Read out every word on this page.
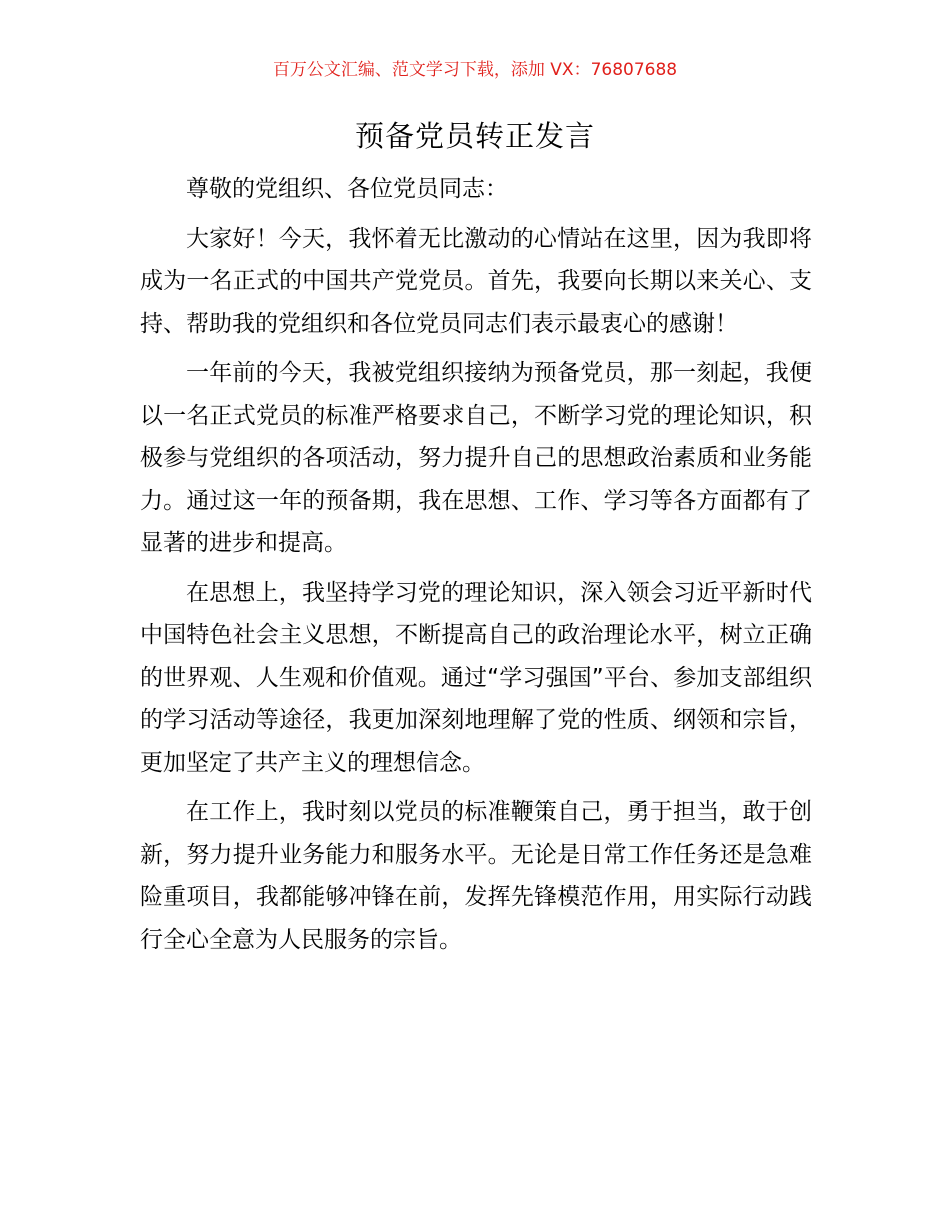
百万公文汇编、范文学习下载，添加 VX：76807688
预备党员转正发言

尊敬的党组织、各位党员同志：

大家好！今天，我怀着无比激动的心情站在这里，因为我即将成为一名正式的中国共产党党员。首先，我要向长期以来关心、支持、帮助我的党组织和各位党员同志们表示最衷心的感谢！

一年前的今天，我被党组织接纳为预备党员，那一刻起，我便以一名正式党员的标准严格要求自己，不断学习党的理论知识，积极参与党组织的各项活动，努力提升自己的思想政治素质和业务能力。通过这一年的预备期，我在思想、工作、学习等各方面都有了显著的进步和提高。

在思想上，我坚持学习党的理论知识，深入领会习近平新时代中国特色社会主义思想，不断提高自己的政治理论水平，树立正确的世界观、人生观和价值观。通过“学习强国”平台、参加支部组织的学习活动等途径，我更加深刻地理解了党的性质、纲领和宗旨，更加坚定了共产主义的理想信念。

在工作上，我时刻以党员的标准鞭策自己，勇于担当，敢于创新，努力提升业务能力和服务水平。无论是日常工作任务还是急难险重项目，我都能够冲锋在前，发挥先锋模范作用，用实际行动践行全心全意为人民服务的宗旨。
